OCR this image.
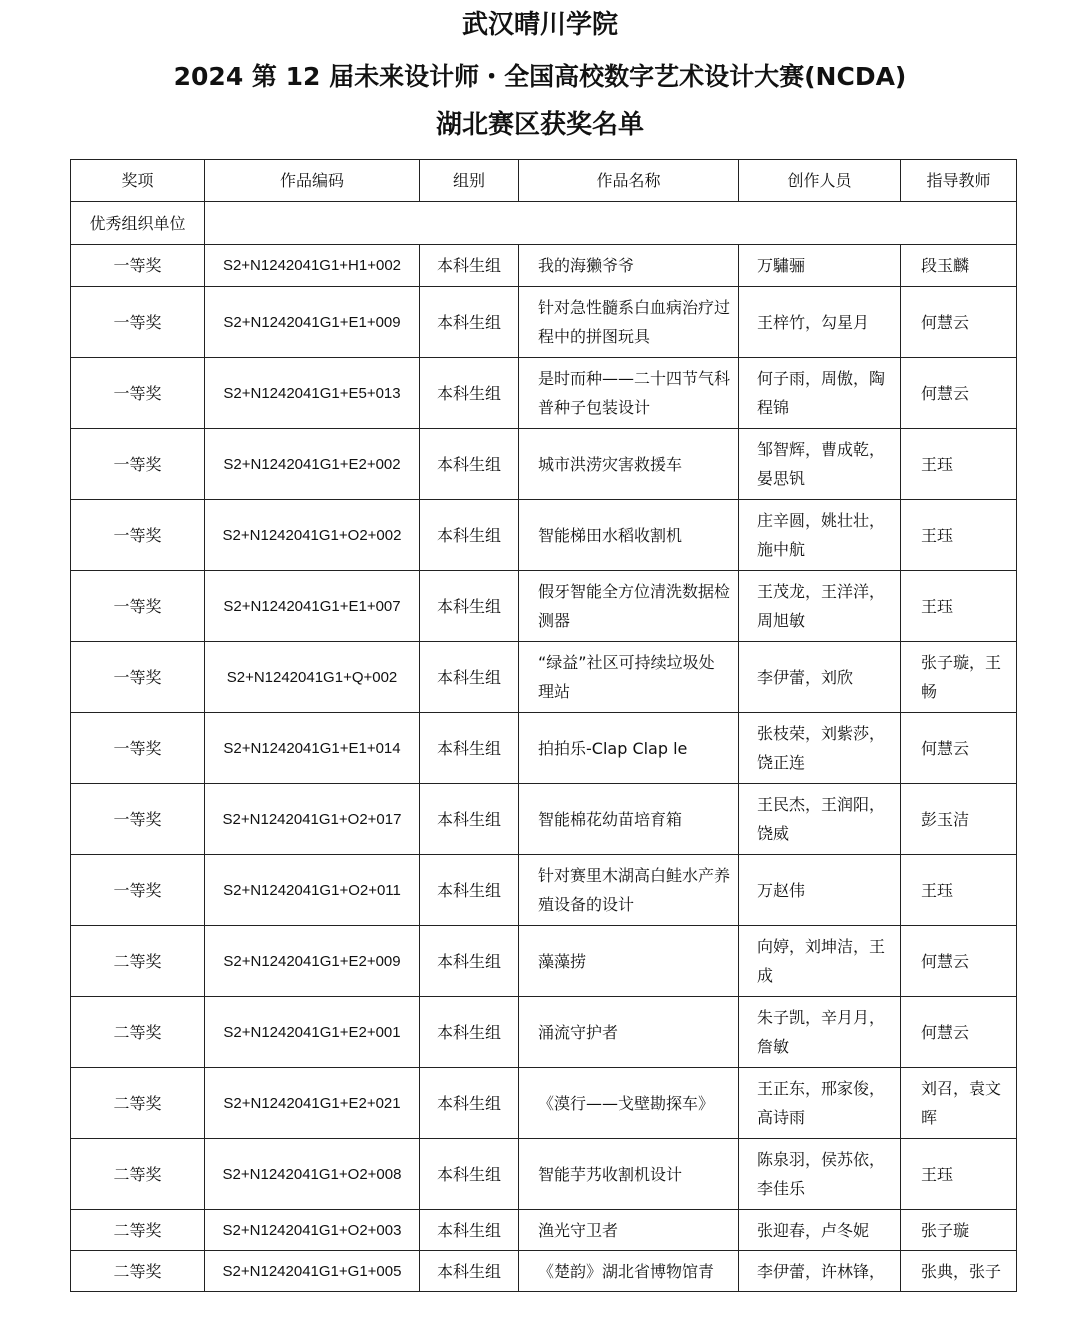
武汉晴川学院
2024 第 12 届未来设计师・全国高校数字艺术设计大赛(NCDA)
湖北赛区获奖名单
奖项	作品编码	组别	作品名称	创作人员	指导教师
优秀组织单位					
一等奖	S2+N1242041G1+H1+002	本科生组	我的海獭爷爷	万驌骊	段玉麟
一等奖	S2+N1242041G1+E1+009	本科生组	针对急性髓系白血病治疗过程中的拼图玩具	王梓竹，勾星月	何慧云
一等奖	S2+N1242041G1+E5+013	本科生组	是时而种——二十四节气科普种子包装设计	何子雨，周傲，陶程锦	何慧云
一等奖	S2+N1242041G1+E2+002	本科生组	城市洪涝灾害救援车	邹智辉，曹成乾，晏思钒	王珏
一等奖	S2+N1242041G1+O2+002	本科生组	智能梯田水稻收割机	庄辛圆，姚壮壮，施中航	王珏
一等奖	S2+N1242041G1+E1+007	本科生组	假牙智能全方位清洗数据检测器	王茂龙，王洋洋，周旭敏	王珏
一等奖	S2+N1242041G1+Q+002	本科生组	“绿益”社区可持续垃圾处理站	李伊蕾，刘欣	张子璇，王畅
一等奖	S2+N1242041G1+E1+014	本科生组	拍拍乐-Clap Clap le	张枝荣，刘紫莎，饶正连	何慧云
一等奖	S2+N1242041G1+O2+017	本科生组	智能棉花幼苗培育箱	王民杰，王润阳，饶威	彭玉洁
一等奖	S2+N1242041G1+O2+011	本科生组	针对赛里木湖高白鲑水产养殖设备的设计	万赵伟	王珏
二等奖	S2+N1242041G1+E2+009	本科生组	藻藻捞	向婷，刘坤洁，王成	何慧云
二等奖	S2+N1242041G1+E2+001	本科生组	涌流守护者	朱子凯，辛月月，詹敏	何慧云
二等奖	S2+N1242041G1+E2+021	本科生组	《漠行——戈壁勘探车》	王正东，邢家俊，高诗雨	刘召，袁文晖
二等奖	S2+N1242041G1+O2+008	本科生组	智能芋艿收割机设计	陈泉羽，侯苏依，李佳乐	王珏
二等奖	S2+N1242041G1+O2+003	本科生组	渔光守卫者	张迎春，卢冬妮	张子璇
二等奖	S2+N1242041G1+G1+005	本科生组	《楚韵》湖北省博物馆青	李伊蕾，许林锋，	张典，张子
